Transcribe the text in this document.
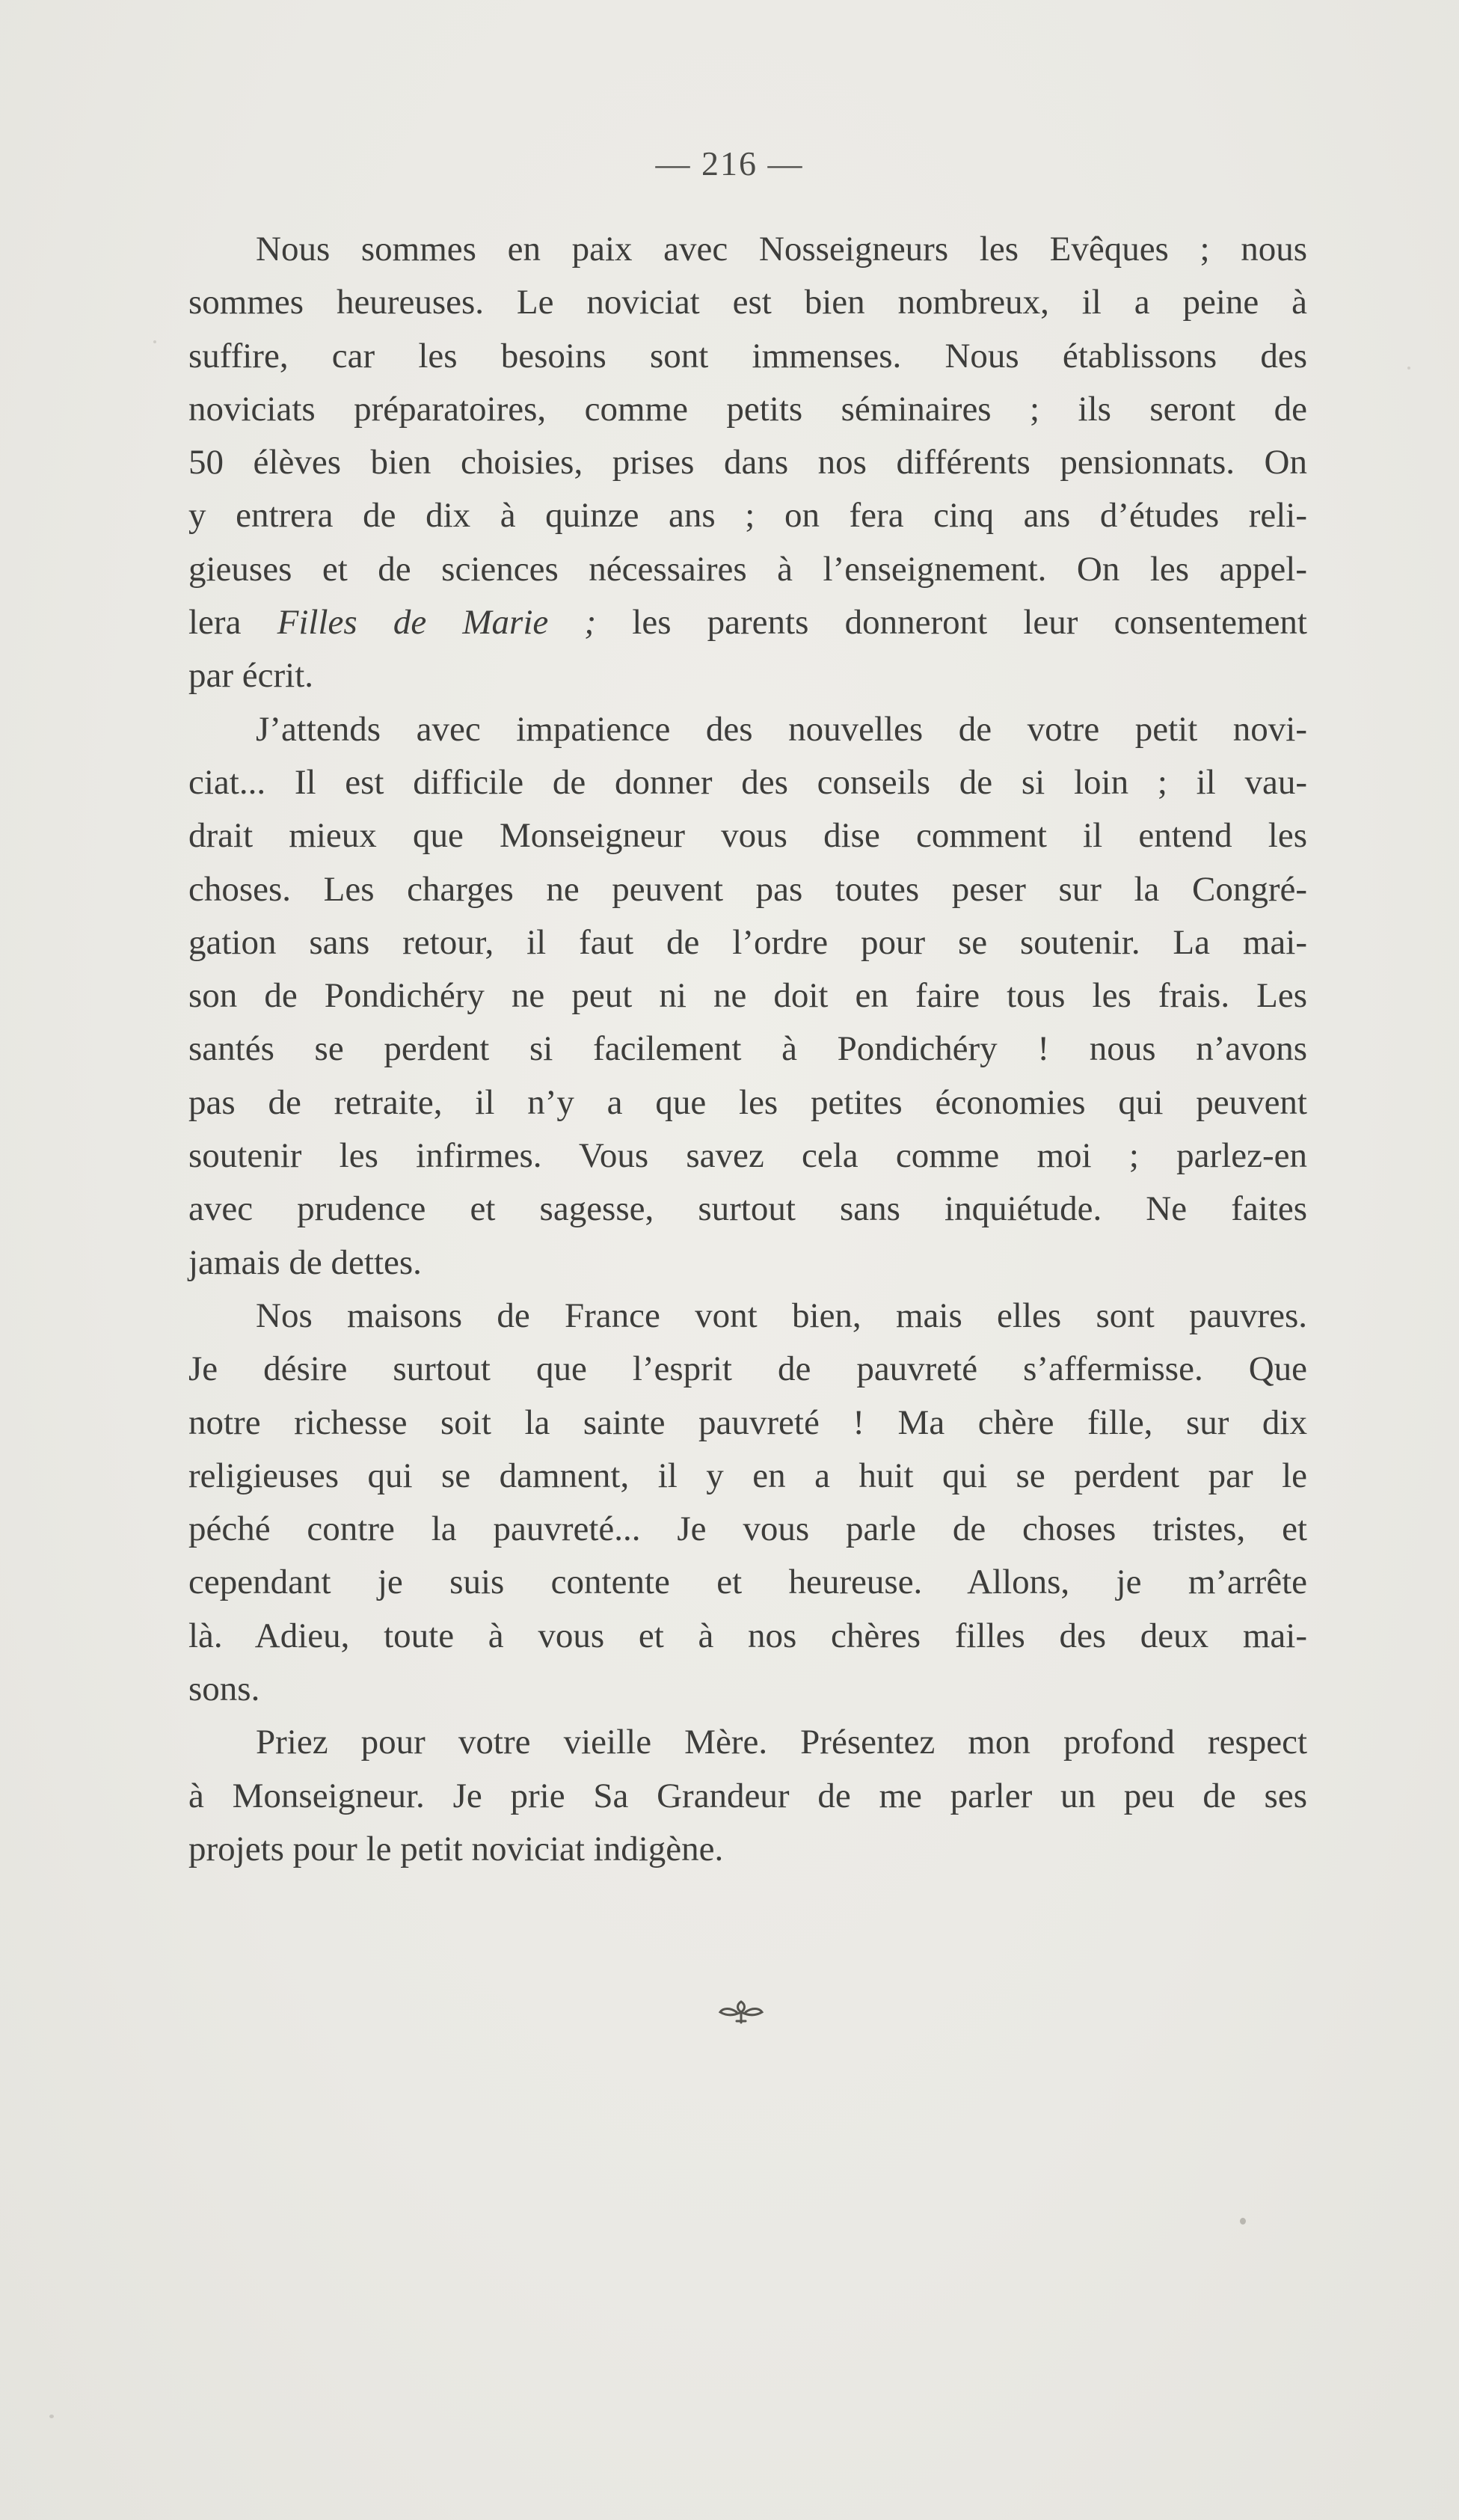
— 216 —
Nous sommes en paix avec Nosseigneurs les Evêques ; nous
sommes heureuses. Le noviciat est bien nombreux, il a peine à
suffire, car les besoins sont immenses. Nous établissons des
noviciats préparatoires, comme petits séminaires ; ils seront de
50 élèves bien choisies, prises dans nos différents pensionnats. On
y entrera de dix à quinze ans ; on fera cinq ans d’études reli-
gieuses et de sciences nécessaires à l’enseignement. On les appel-
lera Filles de Marie ; les parents donneront leur consentement
par écrit.
J’attends avec impatience des nouvelles de votre petit novi-
ciat... Il est difficile de donner des conseils de si loin ; il vau-
drait mieux que Monseigneur vous dise comment il entend les
choses. Les charges ne peuvent pas toutes peser sur la Congré-
gation sans retour, il faut de l’ordre pour se soutenir. La mai-
son de Pondichéry ne peut ni ne doit en faire tous les frais. Les
santés se perdent si facilement à Pondichéry ! nous n’avons
pas de retraite, il n’y a que les petites économies qui peuvent
soutenir les infirmes. Vous savez cela comme moi ; parlez-en
avec prudence et sagesse, surtout sans inquiétude. Ne faites
jamais de dettes.
Nos maisons de France vont bien, mais elles sont pauvres.
Je désire surtout que l’esprit de pauvreté s’affermisse. Que
notre richesse soit la sainte pauvreté ! Ma chère fille, sur dix
religieuses qui se damnent, il y en a huit qui se perdent par le
péché contre la pauvreté... Je vous parle de choses tristes, et
cependant je suis contente et heureuse. Allons, je m’arrête
là. Adieu, toute à vous et à nos chères filles des deux mai-
sons.
Priez pour votre vieille Mère. Présentez mon profond respect
à Monseigneur. Je prie Sa Grandeur de me parler un peu de ses
projets pour le petit noviciat indigène.
